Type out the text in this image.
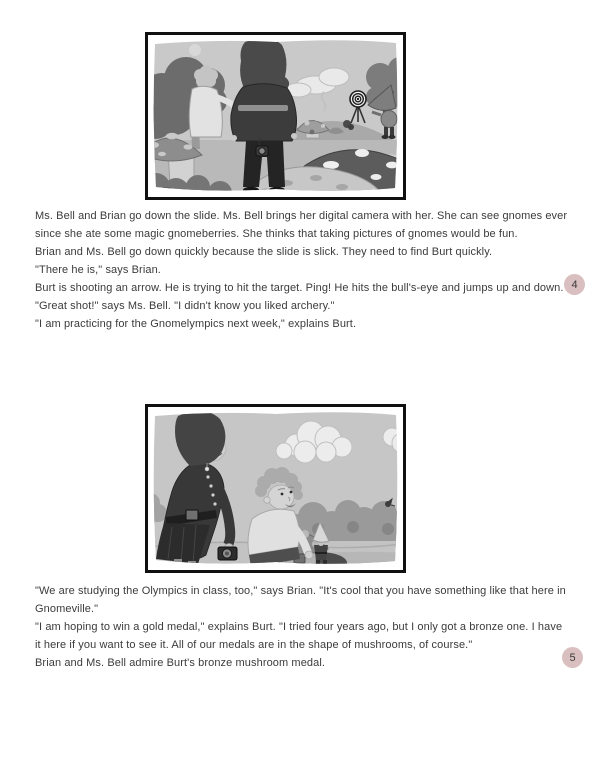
Ms. Bell and Brian go down the slide. Ms. Bell brings her digital camera with her. She can see gnomes ever since she ate some magic gnomeberries. She thinks that taking pictures of gnomes would be fun.

Brian and Ms. Bell go down quickly because the slide is slick. They need to find Burt quickly.

"There he is," says Brian.

Burt is shooting an arrow. He is trying to hit the target. Ping! He hits the bull's-eye and jumps up and down.

"Great shot!" says Ms. Bell. "I didn't know you liked archery."

"I am practicing for the Gnomelympics next week," explains Burt.

4

"We are studying the Olympics in class, too," says Brian. "It's cool that you have something like that here in Gnomeville."

"I am hoping to win a gold medal," explains Burt. "I tried four years ago, but I only got a bronze one. I have it here if you want to see it. All of our medals are in the shape of mushrooms, of course."

Brian and Ms. Bell admire Burt's bronze mushroom medal.	5
